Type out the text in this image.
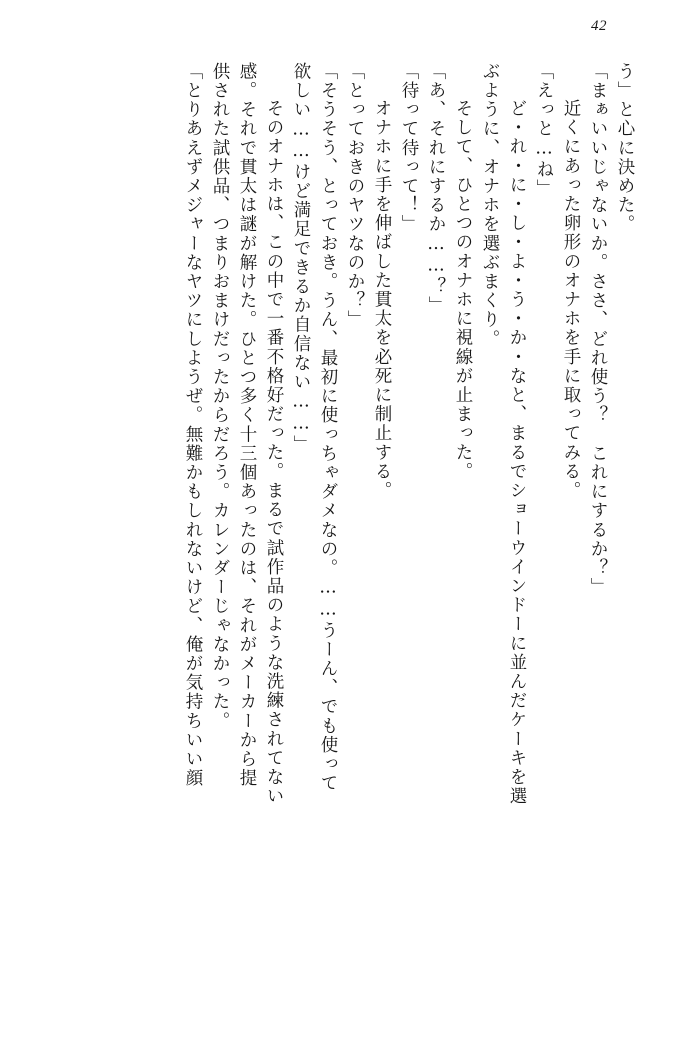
42
う」と心に決めた。
「まぁいいじゃないか。ささ、どれ使う？　これにするか？」
　近くにあった卵形のオナホを手に取ってみる。
「えっと…ね」
　ど・れ・に・し・よ・う・か・なと、まるでショーウインドーに並んだケーキを選
ぶように、オナホを選ぶまくり。
　そして、ひとつのオナホに視線が止まった。
「あ、それにするか……？」
「待って待って！」
　オナホに手を伸ばした貫太を必死に制止する。
「とっておきのヤツなのか？」
「そうそう、とっておき。うん、最初に使っちゃダメなの。……うーん、でも使って
欲しい……けど満足できるか自信ない……」
　そのオナホは、この中で一番不格好だった。まるで試作品のような洗練されてない
感。それで貫太は謎が解けた。ひとつ多く十三個あったのは、それがメーカーから提
供された試供品、つまりおまけだったからだろう。カレンダーじゃなかった。
「とりあえずメジャーなヤツにしようぜ。無難かもしれないけど、俺が気持ちいい顔
